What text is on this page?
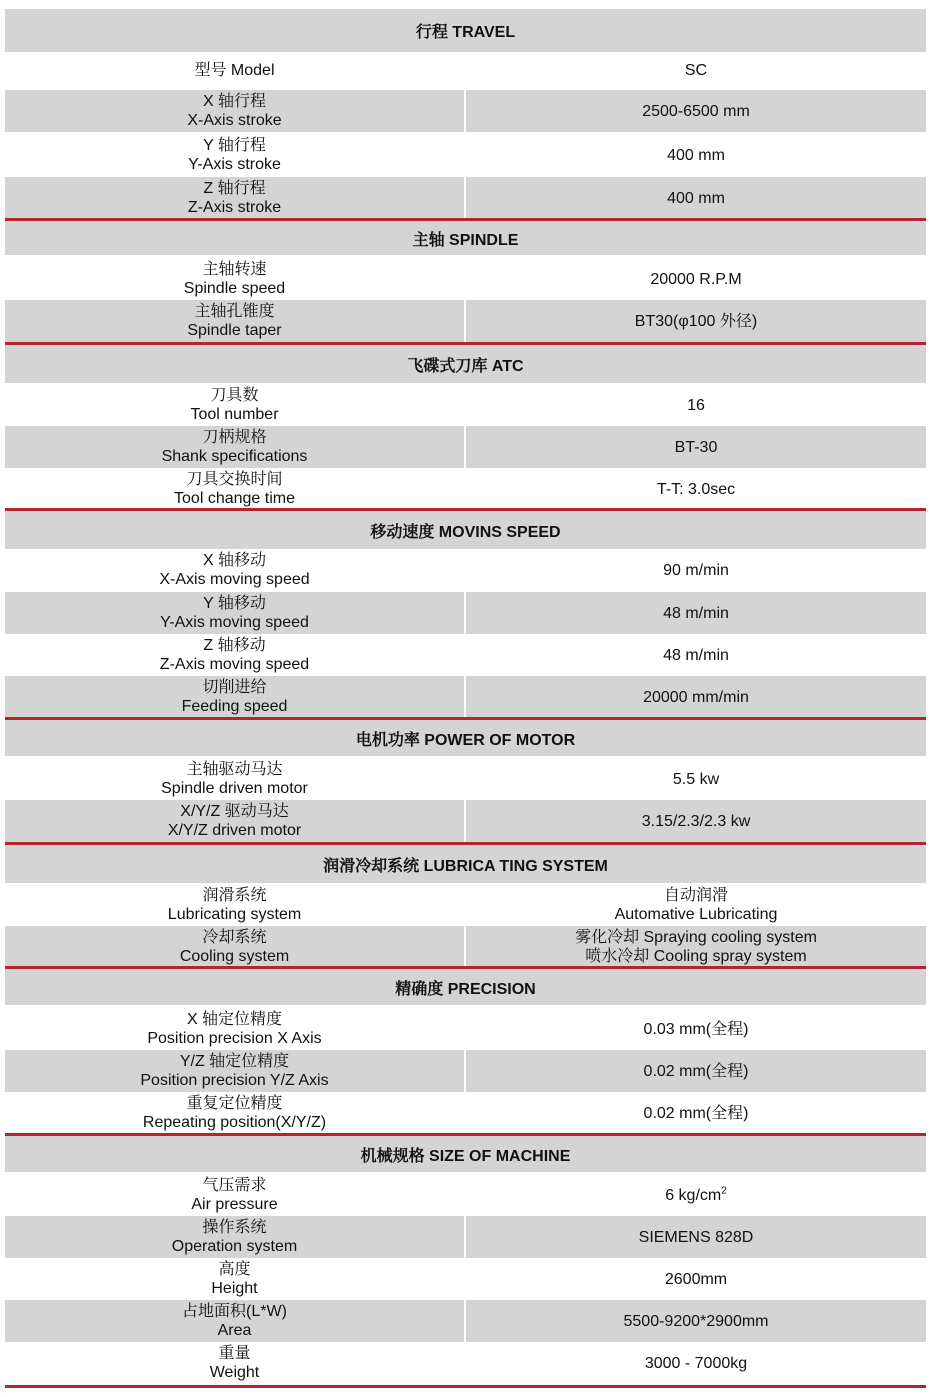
行程 TRAVEL
型号 Model	SC
X 轴行程
X-Axis stroke
2500-6500 mm
Y 轴行程
Y-Axis stroke
400 mm
Z 轴行程
Z-Axis stroke
400 mm
主轴 SPINDLE
主轴转速
Spindle speed
20000 R.P.M
主轴孔锥度
Spindle taper
BT30(φ100 外径)
飞碟式刀库 ATC
刀具数
Tool number
16
刀柄规格
Shank specifications
BT-30
刀具交换时间
Tool change time
T-T: 3.0sec
移动速度 MOVINS SPEED
X 轴移动
X-Axis moving speed
90 m/min
Y 轴移动
Y-Axis moving speed
48 m/min
Z 轴移动
Z-Axis moving speed
48 m/min
切削进给
Feeding speed
20000 mm/min
电机功率 POWER OF MOTOR
主轴驱动马达
Spindle driven motor
5.5 kw
X/Y/Z 驱动马达
X/Y/Z driven motor
3.15/2.3/2.3 kw
润滑冷却系统 LUBRICA TING SYSTEM
润滑系统
Lubricating system
自动润滑
Automative Lubricating
冷却系统
Cooling system
雾化冷却 Spraying cooling system
喷水冷却 Cooling spray system
精确度 PRECISION
X 轴定位精度
Position precision X Axis
0.03 mm(全程)
Y/Z 轴定位精度
Position precision Y/Z Axis
0.02 mm(全程)
重复定位精度
Repeating position(X/Y/Z)
0.02 mm(全程)
机械规格 SIZE OF MACHINE
气压需求
Air pressure
6 $kg/cm^2$
操作系统
Operation system
SIEMENS 828D
高度
Height
2600mm
占地面积(L*W)
Area
5500-9200*2900mm
重量
Weight
3000 - 7000kg
